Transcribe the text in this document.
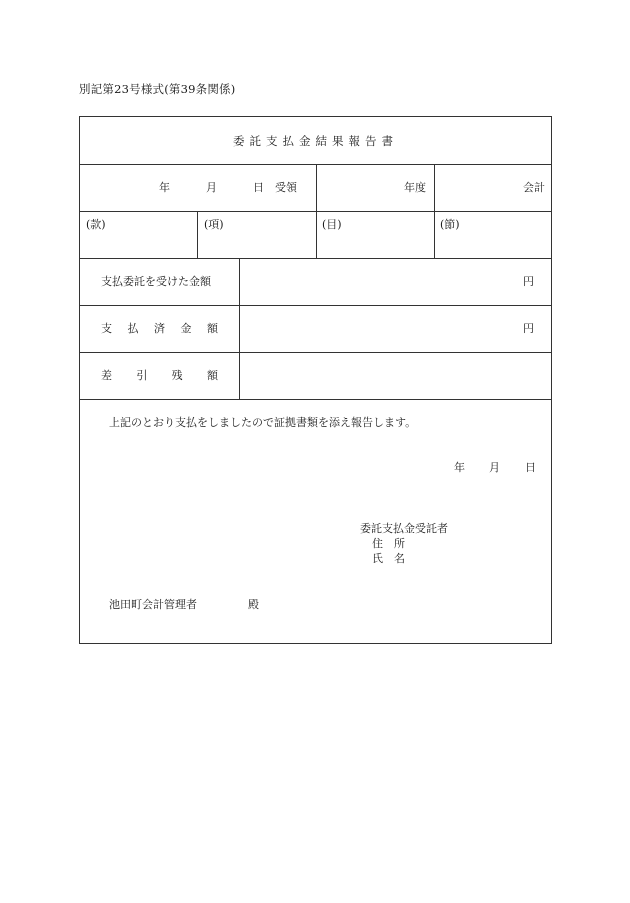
別記第23号様式(第39条関係)
委託支払金結果報告書
年	月	日　受領	年度	会計
(款)	(項)	(目)	(節)
支払委託を受けた金額	円
支 払 済 金 額	円
差 引 残 額
上記のとおり支払をしましたので証拠書類を添え報告します。
年 月 日
委託支払金受託者
住　所
氏　名
池田町会計管理者	殿
